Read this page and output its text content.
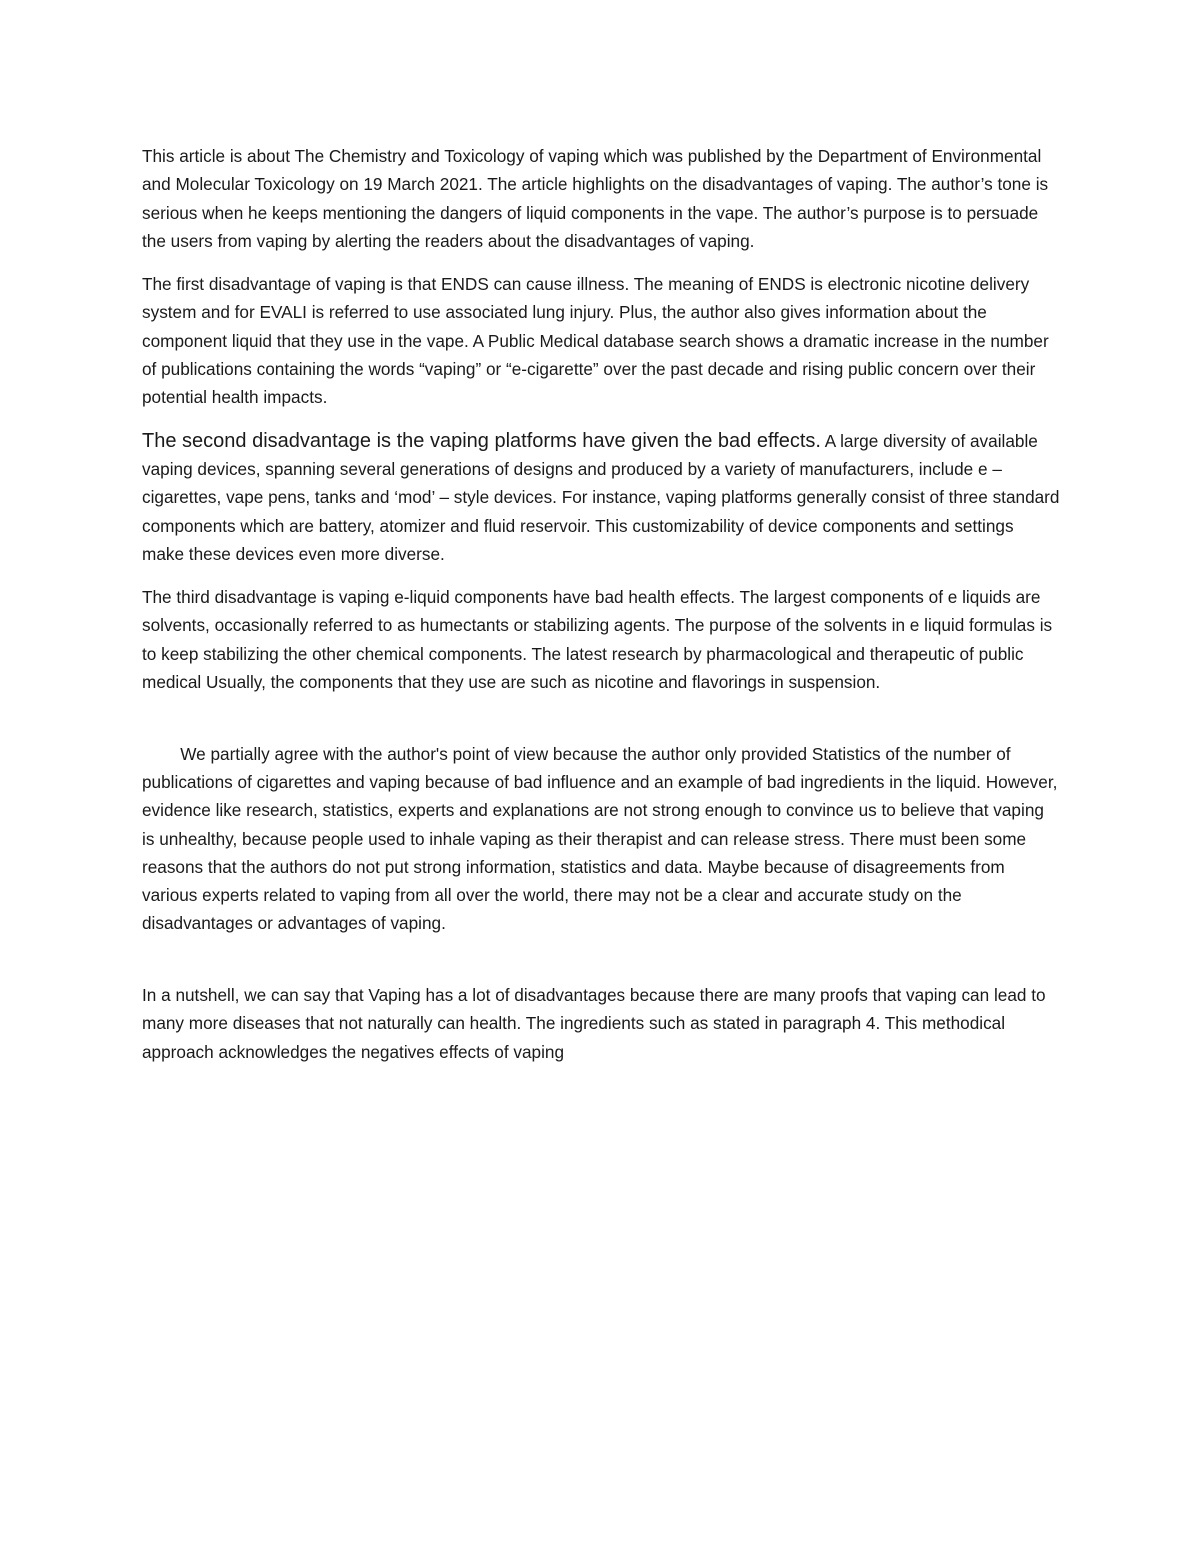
This article is about The Chemistry and Toxicology of vaping which was published by the Department of Environmental and Molecular Toxicology on 19 March 2021. The article highlights on the disadvantages of vaping. The author’s tone is serious when he keeps mentioning the dangers of liquid components in the vape. The author’s purpose is to persuade the users from vaping by alerting the readers about the disadvantages of vaping.

The first disadvantage of vaping is that ENDS can cause illness. The meaning of ENDS is electronic nicotine delivery system and for EVALI is referred to use associated lung injury. Plus, the author also gives information about the component liquid that they use in the vape. A Public Medical database search shows a dramatic increase in the number of publications containing the words “vaping” or “e-cigarette” over the past decade and rising public concern over their potential health impacts.

The second disadvantage is the vaping platforms have given the bad effects. A large diversity of available vaping devices, spanning several generations of designs and produced by a variety of manufacturers, include e – cigarettes, vape pens, tanks and ‘mod’ – style devices. For instance, vaping platforms generally consist of three standard components which are battery, atomizer and fluid reservoir. This customizability of device components and settings make these devices even more diverse.

The third disadvantage is vaping e-liquid components have bad health effects. The largest components of e liquids are solvents, occasionally referred to as humectants or stabilizing agents. The purpose of the solvents in e liquid formulas is to keep stabilizing the other chemical components. The latest research by pharmacological and therapeutic of public medical Usually, the components that they use are such as nicotine and flavorings in suspension.

We partially agree with the author's point of view because the author only provided Statistics of the number of publications of cigarettes and vaping because of bad influence and an example of bad ingredients in the liquid. However, evidence like research, statistics, experts and explanations are not strong enough to convince us to believe that vaping is unhealthy, because people used to inhale vaping as their therapist and can release stress. There must been some reasons that the authors do not put strong information, statistics and data. Maybe because of disagreements from various experts related to vaping from all over the world, there may not be a clear and accurate study on the disadvantages or advantages of vaping.

In a nutshell, we can say that Vaping has a lot of disadvantages because there are many proofs that vaping can lead to many more diseases that not naturally can health. The ingredients such as stated in paragraph 4. This methodical approach acknowledges the negatives effects of vaping
